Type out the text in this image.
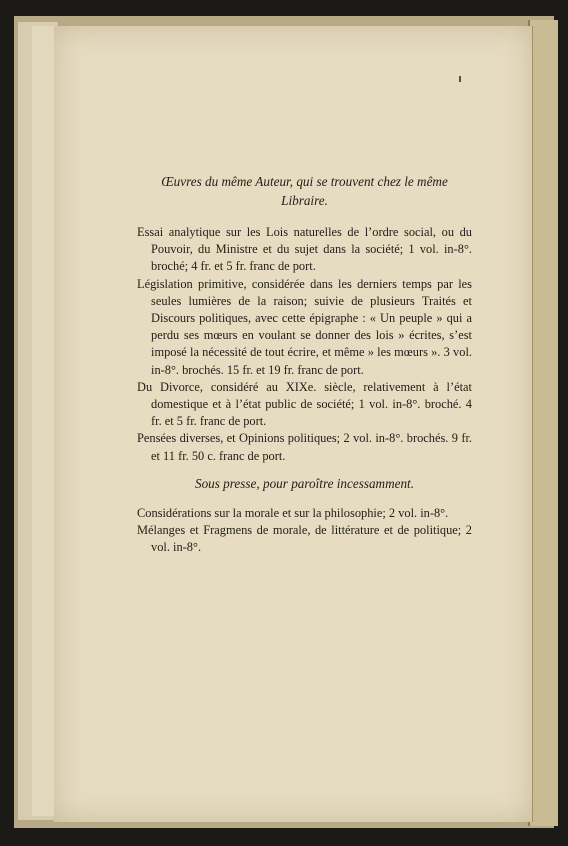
Œuvres du même Auteur, qui se trouvent chez le même Libraire.

Essai analytique sur les Lois naturelles de l’ordre social, ou du Pouvoir, du Ministre et du sujet dans la société; 1 vol. in-8°. broché; 4 fr. et 5 fr. franc de port.

Législation primitive, considérée dans les derniers temps par les seules lumières de la raison; suivie de plusieurs Traités et Discours politiques, avec cette épigraphe : « Un peuple » qui a perdu ses mœurs en voulant se donner des lois » écrites, s’est imposé la nécessité de tout écrire, et même » les mœurs ». 3 vol. in-8°. brochés. 15 fr. et 19 fr. franc de port.

Du Divorce, considéré au XIXe. siècle, relativement à l’état domestique et à l’état public de société; 1 vol. in-8°. broché. 4 fr. et 5 fr. franc de port.

Pensées diverses, et Opinions politiques; 2 vol. in-8°. brochés. 9 fr. et 11 fr. 50 c. franc de port.

Sous presse, pour paroître incessamment.

Considérations sur la morale et sur la philosophie; 2 vol. in-8°.

Mélanges et Fragmens de morale, de littérature et de politique; 2 vol. in-8°.
